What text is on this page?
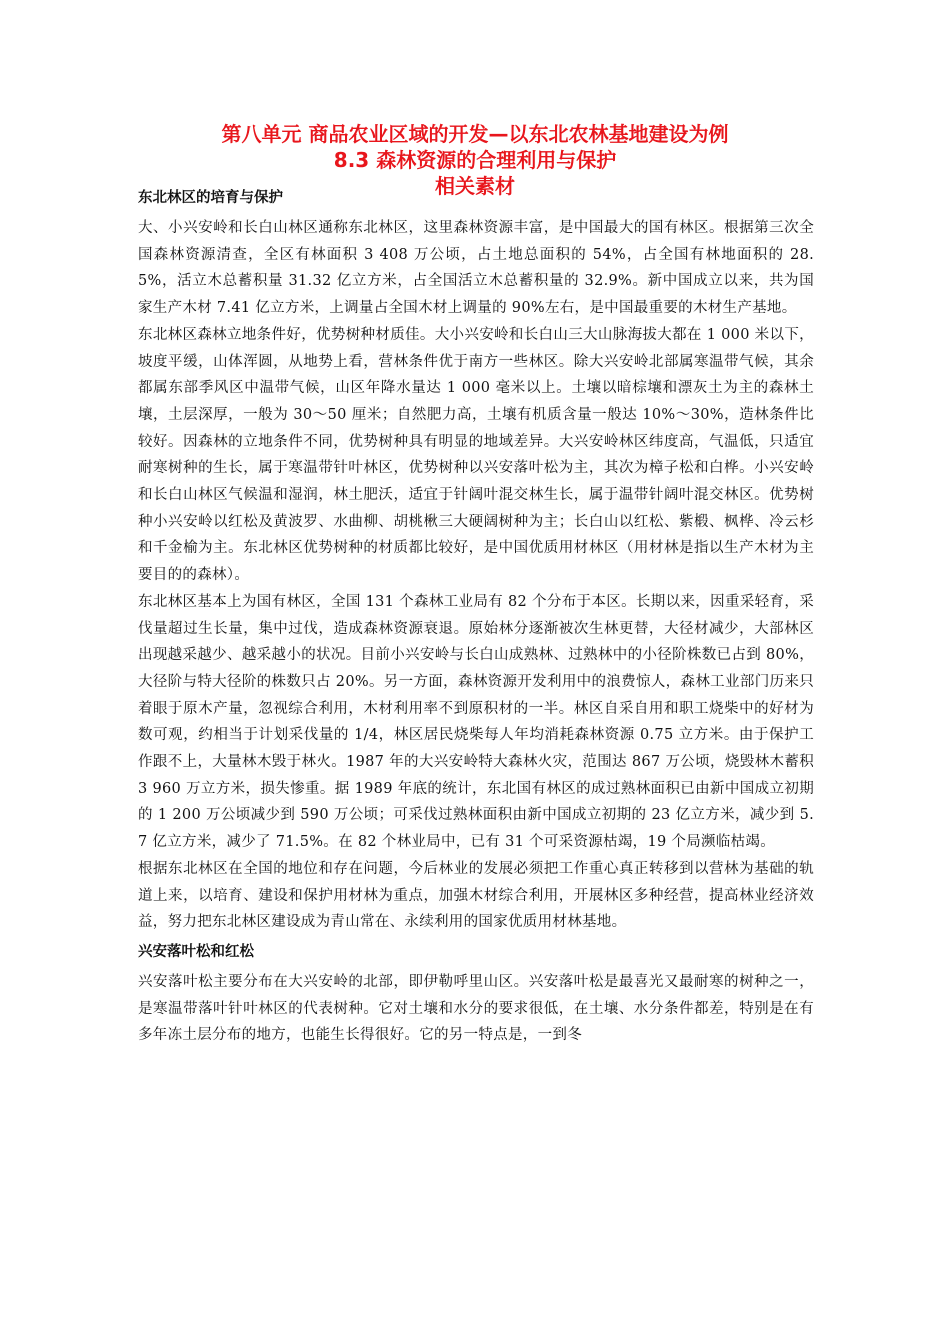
第八单元 商品农业区域的开发—以东北农林基地建设为例
8.3 森林资源的合理利用与保护
相关素材
东北林区的培育与保护

大、小兴安岭和长白山林区通称东北林区，这里森林资源丰富，是中国最大的国有林区。根据第三次全国森林资源清查，全区有林面积 3 408 万公顷，占土地总面积的 54%，占全国有林地面积的 28.5%，活立木总蓄积量 31.32 亿立方米，占全国活立木总蓄积量的 32.9%。新中国成立以来，共为国家生产木材 7.41 亿立方米，上调量占全国木材上调量的 90%左右，是中国最重要的木材生产基地。

东北林区森林立地条件好，优势树种材质佳。大小兴安岭和长白山三大山脉海拔大都在 1 000 米以下，坡度平缓，山体浑圆，从地势上看，营林条件优于南方一些林区。除大兴安岭北部属寒温带气候，其余都属东部季风区中温带气候，山区年降水量达 1 000 毫米以上。土壤以暗棕壤和漂灰土为主的森林土壤，土层深厚，一般为 30～50 厘米；自然肥力高，土壤有机质含量一般达 10%～30%，造林条件比较好。因森林的立地条件不同，优势树种具有明显的地域差异。大兴安岭林区纬度高，气温低，只适宜耐寒树种的生长，属于寒温带针叶林区，优势树种以兴安落叶松为主，其次为樟子松和白桦。小兴安岭和长白山林区气候温和湿润，林土肥沃，适宜于针阔叶混交林生长，属于温带针阔叶混交林区。优势树种小兴安岭以红松及黄波罗、水曲柳、胡桃楸三大硬阔树种为主；长白山以红松、紫椴、枫桦、冷云杉和千金榆为主。东北林区优势树种的材质都比较好，是中国优质用材林区（用材林是指以生产木材为主要目的的森林）。

东北林区基本上为国有林区，全国 131 个森林工业局有 82 个分布于本区。长期以来，因重采轻育，采伐量超过生长量，集中过伐，造成森林资源衰退。原始林分逐渐被次生林更替，大径材减少，大部林区出现越采越少、越采越小的状况。目前小兴安岭与长白山成熟林、过熟林中的小径阶株数已占到 80%，大径阶与特大径阶的株数只占 20%。另一方面，森林资源开发利用中的浪费惊人，森林工业部门历来只着眼于原木产量，忽视综合利用，木材利用率不到原积材的一半。林区自采自用和职工烧柴中的好材为数可观，约相当于计划采伐量的 1/4，林区居民烧柴每人年均消耗森林资源 0.75 立方米。由于保护工作跟不上，大量林木毁于林火。1987 年的大兴安岭特大森林火灾，范围达 867 万公顷，烧毁林木蓄积 3 960 万立方米，损失惨重。据 1989 年底的统计，东北国有林区的成过熟林面积已由新中国成立初期的 1 200 万公顷减少到 590 万公顷；可采伐过熟林面积由新中国成立初期的 23 亿立方米，减少到 5.7 亿立方米，减少了 71.5%。在 82 个林业局中，已有 31 个可采资源枯竭，19 个局濒临枯竭。

根据东北林区在全国的地位和存在问题，今后林业的发展必须把工作重心真正转移到以营林为基础的轨道上来，以培育、建设和保护用材林为重点，加强木材综合利用，开展林区多种经营，提高林业经济效益，努力把东北林区建设成为青山常在、永续利用的国家优质用材林基地。

兴安落叶松和红松

兴安落叶松主要分布在大兴安岭的北部，即伊勒呼里山区。兴安落叶松是最喜光又最耐寒的树种之一，是寒温带落叶针叶林区的代表树种。它对土壤和水分的要求很低，在土壤、水分条件都差，特别是在有多年冻土层分布的地方，也能生长得很好。它的另一特点是，一到冬
